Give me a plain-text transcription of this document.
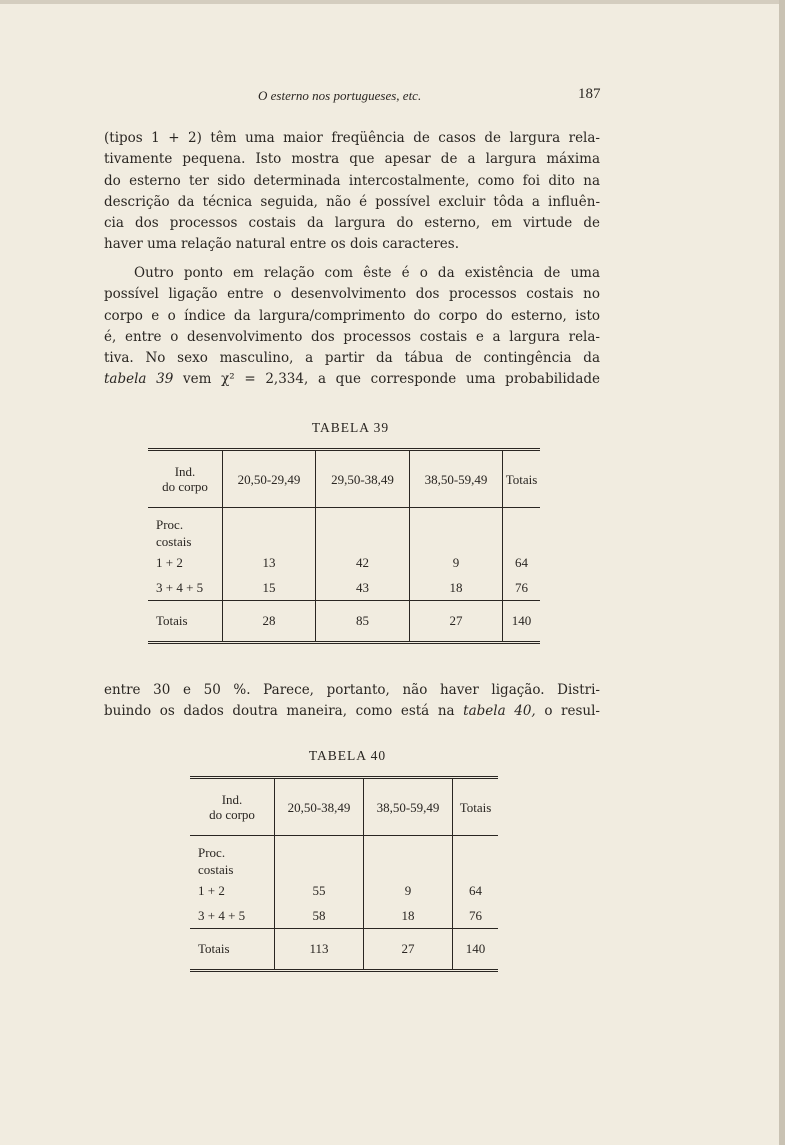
O esterno nos portugueses, etc.	187
(tipos 1 + 2) têm uma maior freqüência de casos de largura rela-
tivamente pequena. Isto mostra que apesar de a largura máxima
do esterno ter sido determinada intercostalmente, como foi dito na
descrição da técnica seguida, não é possível excluir tôda a influên-
cia dos processos costais da largura do esterno, em virtude de
haver uma relação natural entre os dois caracteres.
Outro ponto em relação com êste é o da existência de uma
possível ligação entre o desenvolvimento dos processos costais no
corpo e o índice da largura/comprimento do corpo do esterno, isto
é, entre o desenvolvimento dos processos costais e a largura rela-
tiva. No sexo masculino, a partir da tábua de contingência da
tabela 39 vem χ² = 2,334, a que corresponde uma probabilidade
TABELA 39
Ind.
do corpo	20,50-29,49	29,50-38,49	38,50-59,49	Totais
Proc.
costais				
1 + 2	13	42	9	64
3 + 4 + 5	15	43	18	76
Totais	28	85	27	140
entre 30 e 50 %. Parece, portanto, não haver ligação. Distri-
buindo os dados doutra maneira, como está na tabela 40, o resul-
TABELA 40
Ind.
do corpo	20,50-38,49	38,50-59,49	Totais
Proc.
costais			
1 + 2	55	9	64
3 + 4 + 5	58	18	76
Totais	113	27	140
